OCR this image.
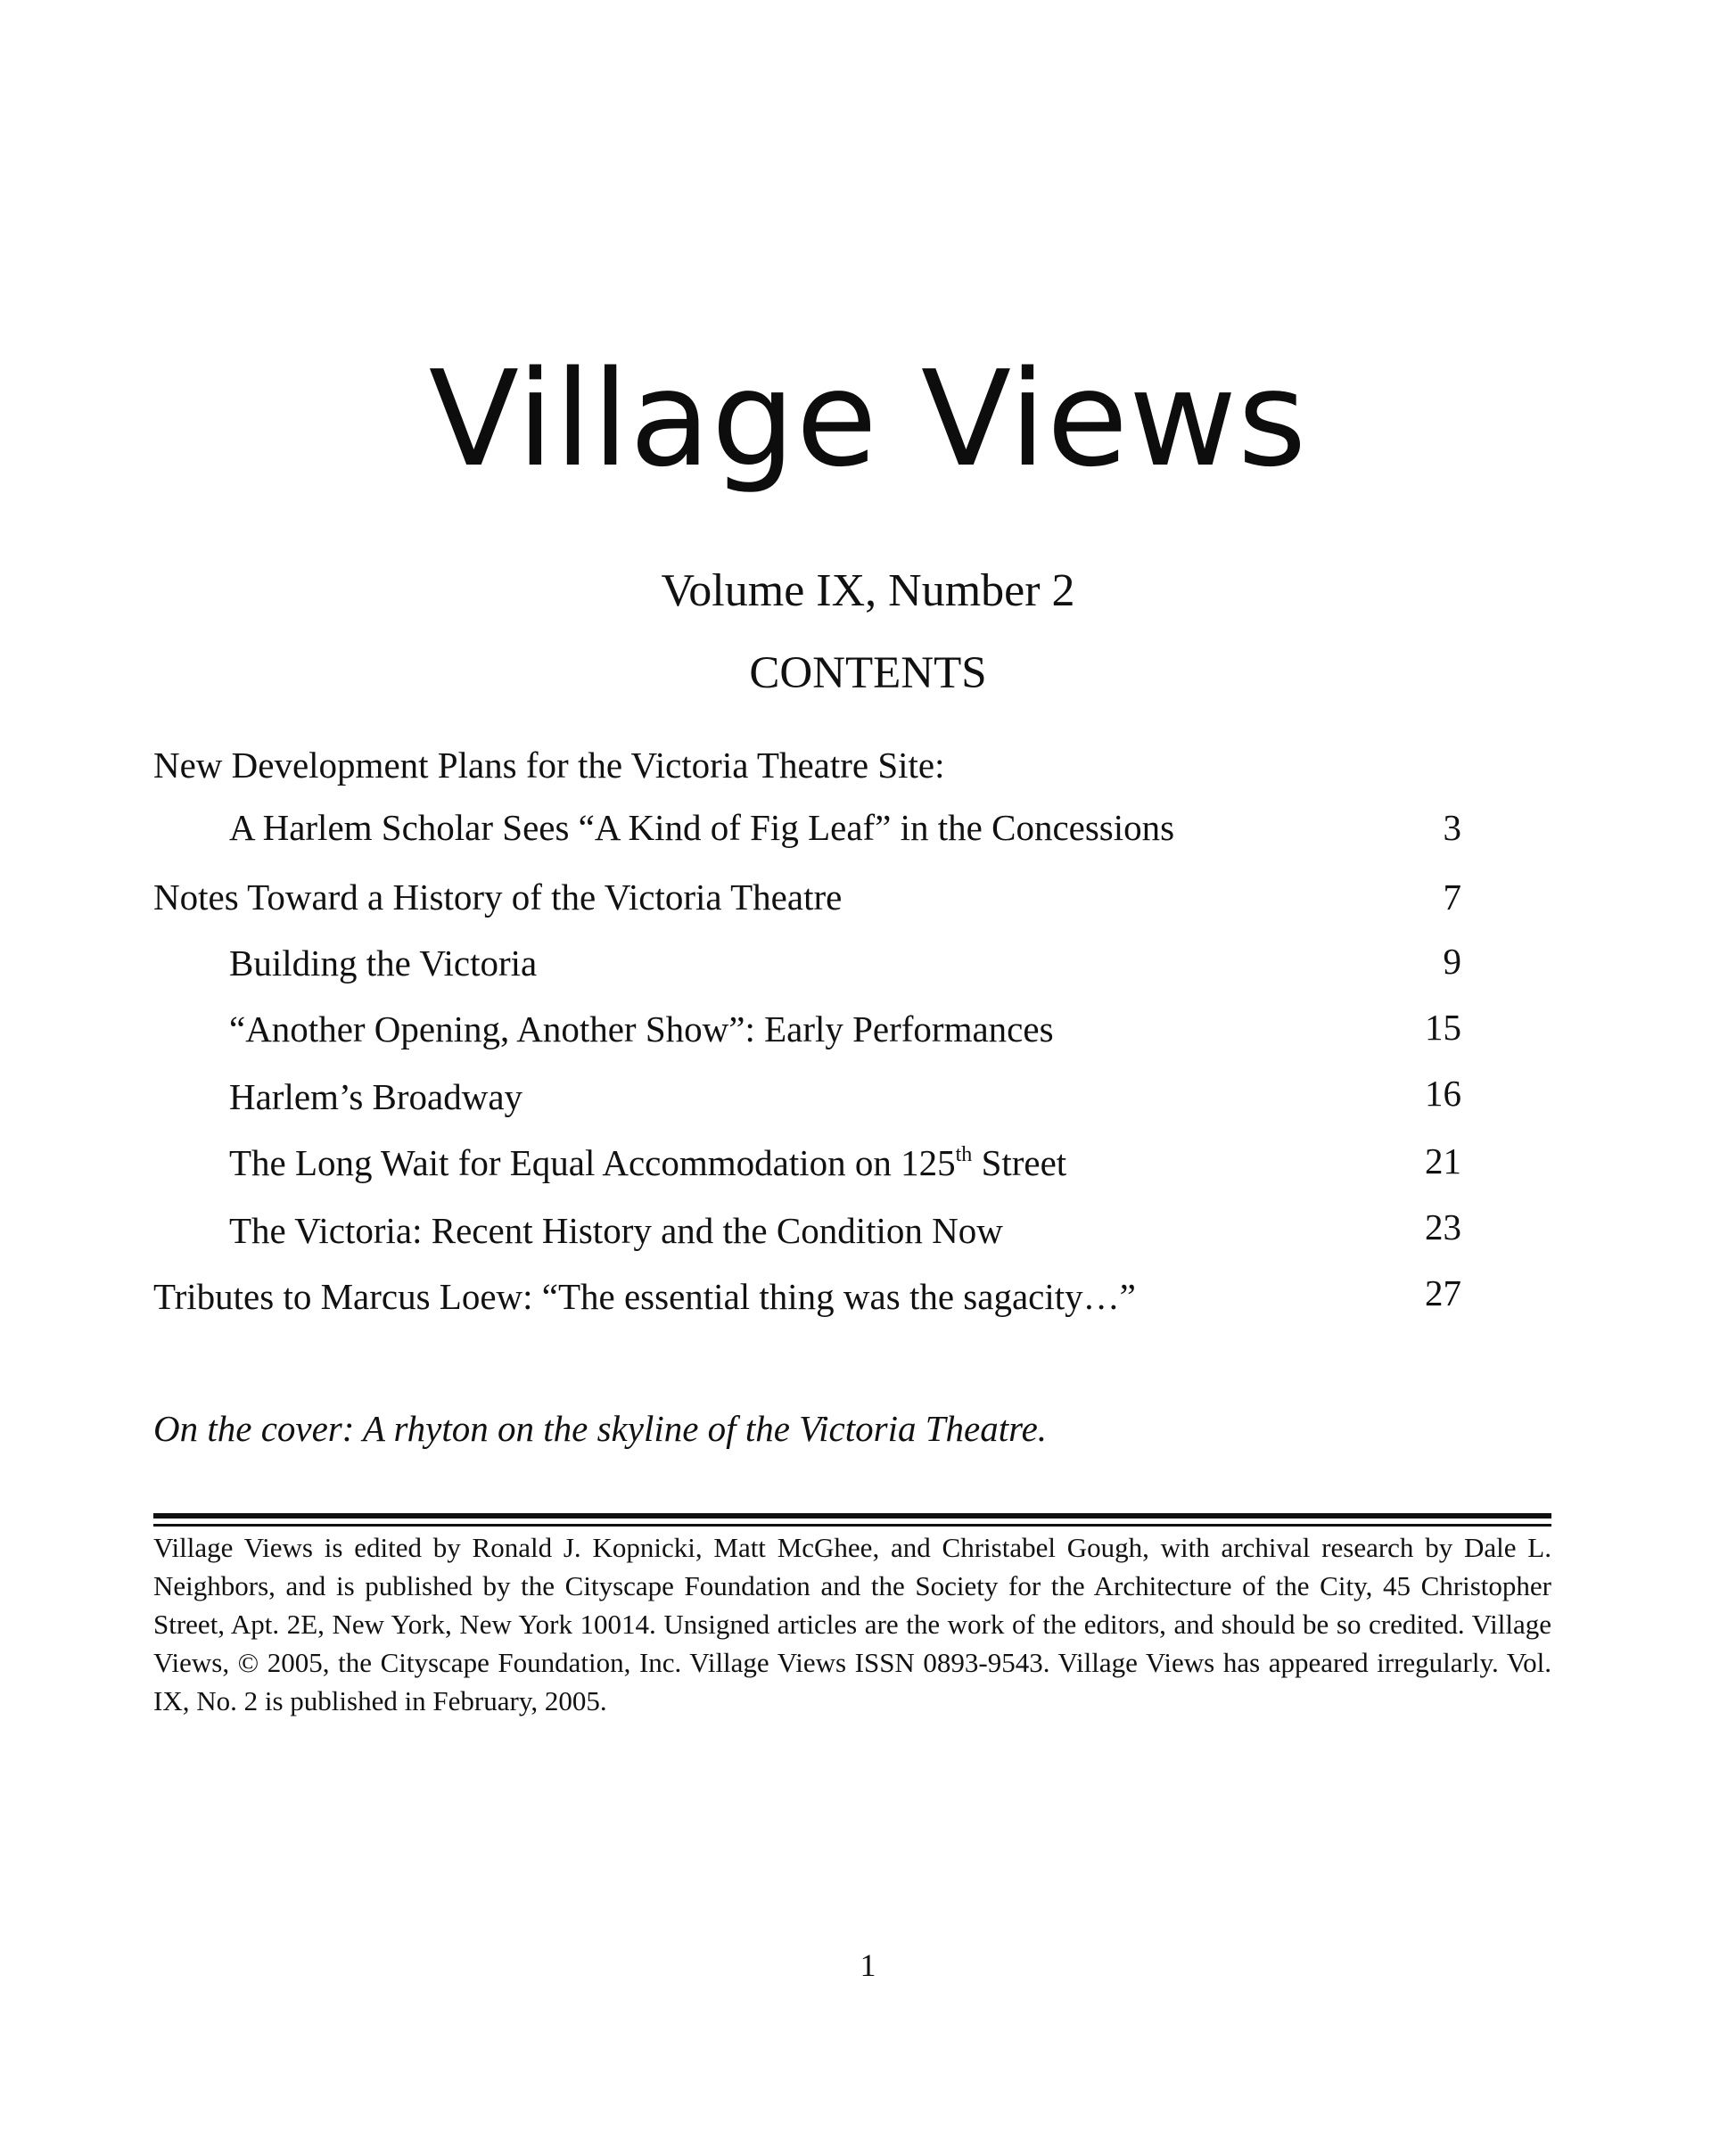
Village Views
Volume IX, Number 2
CONTENTS
New Development Plans for the Victoria Theatre Site:
A Harlem Scholar Sees “A Kind of Fig Leaf” in the Concessions	3
Notes Toward a History of the Victoria Theatre	7
Building the Victoria	9
“Another Opening, Another Show”: Early Performances	15
Harlem’s Broadway	16
The Long Wait for Equal Accommodation on 125th Street	21
The Victoria: Recent History and the Condition Now	23
Tributes to Marcus Loew: “The essential thing was the sagacity…”	27
On the cover: A rhyton on the skyline of the Victoria Theatre.
Village Views is edited by Ronald J. Kopnicki, Matt McGhee, and Christabel Gough, with archival research by Dale L. Neighbors, and is published by the Cityscape Foundation and the Society for the Architecture of the City, 45 Christopher Street, Apt. 2E, New York, New York 10014. Unsigned articles are the work of the editors, and should be so credited. Village Views, © 2005, the Cityscape Foundation, Inc. Village Views ISSN 0893-9543. Village Views has appeared irregularly. Vol. IX, No. 2 is published in February, 2005.
1
